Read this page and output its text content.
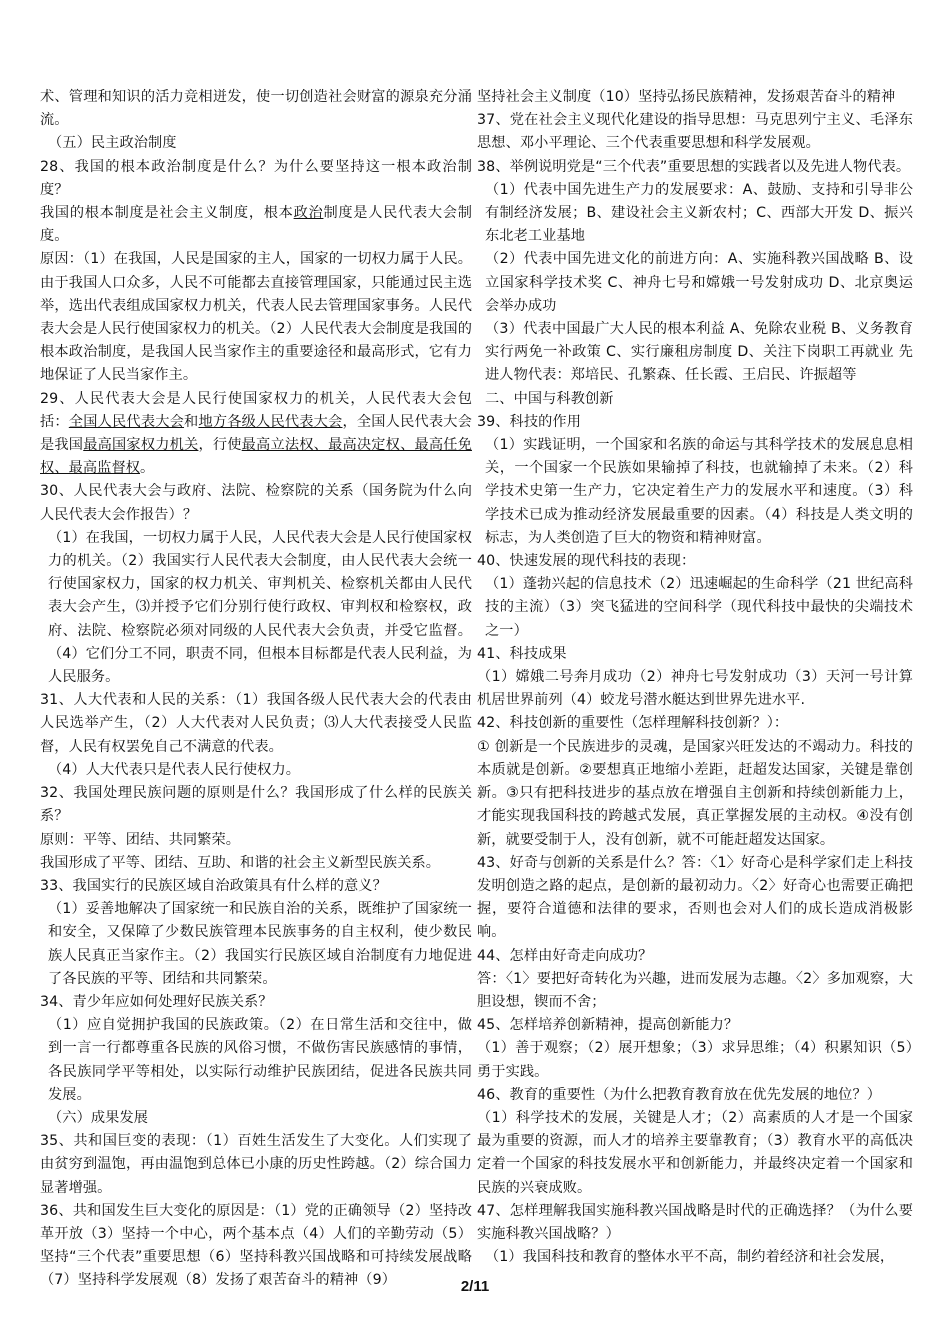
术、管理和知识的活力竞相迸发，使一切创造社会财富的源泉充分涌流。

（五）民主政治制度

28、我国的根本政治制度是什么？为什么要坚持这一根本政治制度？

我国的根本制度是社会主义制度，根本政治制度是人民代表大会制度。

原因：（1）在我国，人民是国家的主人，国家的一切权力属于人民。由于我国人口众多，人民不可能都去直接管理国家，只能通过民主选举，选出代表组成国家权力机关，代表人民去管理国家事务。人民代表大会是人民行使国家权力的机关。（2）人民代表大会制度是我国的根本政治制度，是我国人民当家作主的重要途径和最高形式，它有力地保证了人民当家作主。

29、人民代表大会是人民行使国家权力的机关，人民代表大会包括：全国人民代表大会和地方各级人民代表大会，全国人民代表大会是我国最高国家权力机关，行使最高立法权、最高决定权、最高任免权、最高监督权。

30、人民代表大会与政府、法院、检察院的关系（国务院为什么向人民代表大会作报告）？

（1）在我国，一切权力属于人民，人民代表大会是人民行使国家权力的机关。（2）我国实行人民代表大会制度，由人民代表大会统一行使国家权力，国家的权力机关、审判机关、检察机关都由人民代表大会产生，⑶并授予它们分别行使行政权、审判权和检察权，政府、法院、检察院必须对同级的人民代表大会负责，并受它监督。（4）它们分工不同，职责不同，但根本目标都是代表人民利益，为人民服务。

31、人大代表和人民的关系：（1）我国各级人民代表大会的代表由人民选举产生，（2）人大代表对人民负责；⑶人大代表接受人民监督，人民有权罢免自己不满意的代表。

（4）人大代表只是代表人民行使权力。

32、我国处理民族问题的原则是什么？我国形成了什么样的民族关系？

原则：平等、团结、共同繁荣。

我国形成了平等、团结、互助、和谐的社会主义新型民族关系。

33、我国实行的民族区域自治政策具有什么样的意义？

（1）妥善地解决了国家统一和民族自治的关系，既维护了国家统一和安全，又保障了少数民族管理本民族事务的自主权利，使少数民族人民真正当家作主。（2）我国实行民族区域自治制度有力地促进了各民族的平等、团结和共同繁荣。

34、青少年应如何处理好民族关系？

（1）应自觉拥护我国的民族政策。（2）在日常生活和交往中，做到一言一行都尊重各民族的风俗习惯，不做伤害民族感情的事情，各民族同学平等相处，以实际行动维护民族团结，促进各民族共同发展。

（六）成果发展

35、共和国巨变的表现：（1）百姓生活发生了大变化。人们实现了由贫穷到温饱，再由温饱到总体已小康的历史性跨越。（2）综合国力显著增强。

36、共和国发生巨大变化的原因是：（1）党的正确领导（2）坚持改革开放（3）坚持一个中心，两个基本点（4）人们的辛勤劳动（5）坚持“三个代表”重要思想（6）坚持科教兴国战略和可持续发展战略（7）坚持科学发展观（8）发扬了艰苦奋斗的精神（9）

坚持社会主义制度（10）坚持弘扬民族精神，发扬艰苦奋斗的精神

37、党在社会主义现代化建设的指导思想：马克思列宁主义、毛泽东思想、邓小平理论、三个代表重要思想和科学发展观。

38、举例说明党是“三个代表”重要思想的实践者以及先进人物代表。

（1）代表中国先进生产力的发展要求：A、鼓励、支持和引导非公有制经济发展；B、建设社会主义新农村；C、西部大开发 D、振兴东北老工业基地

（2）代表中国先进文化的前进方向：A、实施科教兴国战略 B、设立国家科学技术奖 C、神舟七号和嫦娥一号发射成功 D、北京奥运会举办成功

（3）代表中国最广大人民的根本利益 A、免除农业税 B、义务教育实行两免一补政策 C、实行廉租房制度 D、关注下岗职工再就业 先进人物代表：郑培民、孔繁森、任长霞、王启民、许振超等

二、中国与科教创新

39、科技的作用

（1）实践证明，一个国家和名族的命运与其科学技术的发展息息相关，一个国家一个民族如果输掉了科技，也就输掉了未来。（2）科学技术史第一生产力，它决定着生产力的发展水平和速度。（3）科学技术已成为推动经济发展最重要的因素。（4）科技是人类文明的标志，为人类创造了巨大的物资和精神财富。

40、快速发展的现代科技的表现：

（1）蓬勃兴起的信息技术（2）迅速崛起的生命科学（21 世纪高科技的主流）（3）突飞猛进的空间科学（现代科技中最快的尖端技术之一）

41、科技成果

（1）嫦娥二号奔月成功（2）神舟七号发射成功（3）天河一号计算机居世界前列（4）蛟龙号潜水艇达到世界先进水平.

42、科技创新的重要性（怎样理解科技创新？）：

① 创新是一个民族进步的灵魂，是国家兴旺发达的不竭动力。科技的本质就是创新。②要想真正地缩小差距，赶超发达国家，关键是靠创新。③只有把科技进步的基点放在增强自主创新和持续创新能力上，才能实现我国科技的跨越式发展，真正掌握发展的主动权。④没有创新，就要受制于人，没有创新，就不可能赶超发达国家。

43、好奇与创新的关系是什么？答：〈1〉好奇心是科学家们走上科技发明创造之路的起点，是创新的最初动力。〈2〉好奇心也需要正确把握，要符合道德和法律的要求，否则也会对人们的成长造成消极影响。

44、怎样由好奇走向成功？

答：〈1〉要把好奇转化为兴趣，进而发展为志趣。〈2〉多加观察，大胆设想，锲而不舍；

45、怎样培养创新精神，提高创新能力？

（1）善于观察；（2）展开想象；（3）求异思维；（4）积累知识（5）勇于实践。

46、教育的重要性（为什么把教育教育放在优先发展的地位？）

（1）科学技术的发展，关键是人才；（2）高素质的人才是一个国家最为重要的资源，而人才的培养主要靠教育；（3）教育水平的高低决定着一个国家的科技发展水平和创新能力，并最终决定着一个国家和民族的兴衰成败。

47、怎样理解我国实施科教兴国战略是时代的正确选择？（为什么要实施科教兴国战略？）

（1）我国科技和教育的整体水平不高，制约着经济和社会发展，

2/11
